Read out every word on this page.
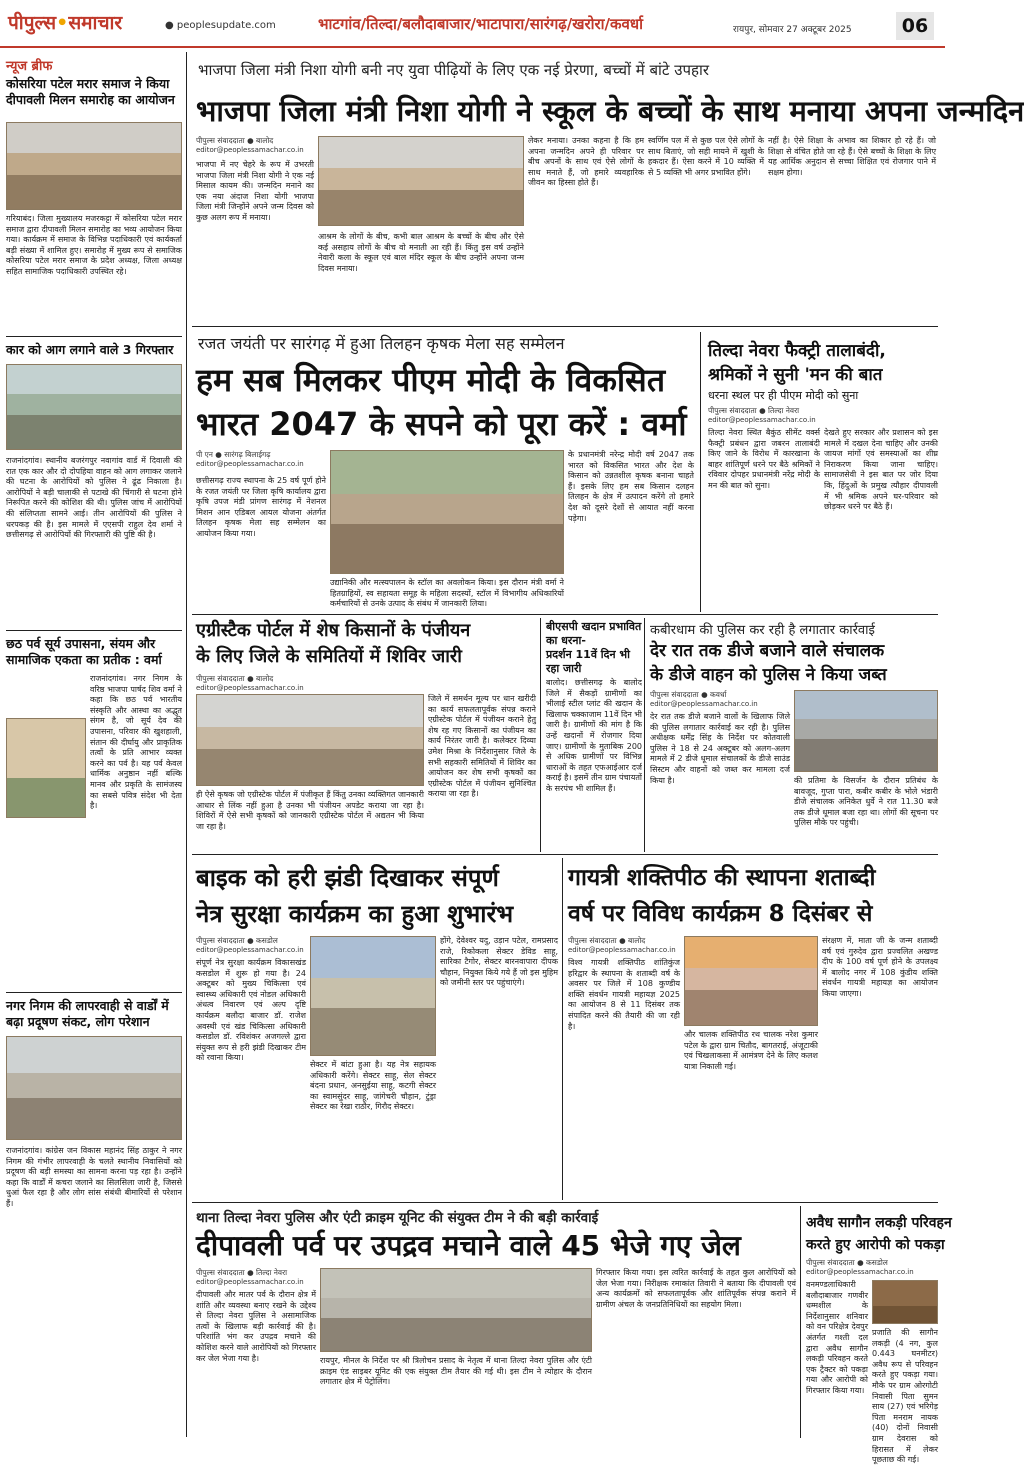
पीपुल्स•समाचार	● peoplesupdate.com	भाटगांव/तिल्दा/बलौदाबाजार/भाटापारा/सारंगढ़/खरोरा/कवर्धा	रायपुर, सोमवार 27 अक्टूबर 2025	06
न्यूज ब्रीफ
कोसरिया पटेल मरार समाज ने किया दीपावली मिलन समारोह का आयोजन
गरियाबंद। जिला मुख्यालय मजरकट्टा में कोसरिया पटेल मरार समाज द्वारा दीपावली मिलन समारोह का भव्य आयोजन किया गया। कार्यक्रम में समाज के विभिन्न पदाधिकारी एवं कार्यकर्ता बड़ी संख्या में शामिल हुए। समारोह में मुख्य रूप से समाजिक कोसरिया पटेल मरार समाज के प्रदेश अध्यक्ष, जिला अध्यक्ष सहित सामाजिक पदाधिकारी उपस्थित रहे।
कार को आग लगाने वाले 3 गिरफ्तार
राजनांदगांव। स्थानीय बजरंगपुर नवागांव वार्ड में दिवाली की रात एक कार और दो दोपहिया वाहन को आग लगाकर जलाने की घटना के आरोपियों को पुलिस ने ढूंढ निकाला है। आरोपियों ने बड़ी चालाकी से पटाखे की चिंगारी से घटना होने निरूपित करने की कोशिश की थी। पुलिस जांच में आरोपियों की संलिप्तता सामने आई। तीन आरोपियों की पुलिस ने धरपकड़ की है। इस मामले में एएसपी राहुल देव शर्मा ने छत्तीसगढ़ से आरोपियों की गिरफ्तारी की पुष्टि की है।
छठ पर्व सूर्य उपासना, संयम और सामाजिक एकता का प्रतीक : वर्मा
राजनांदगांव। नगर निगम के वरिष्ठ भाजपा पार्षद शिव वर्मा ने कहा कि छठ पर्व भारतीय संस्कृति और आस्था का अद्भुत संगम है, जो सूर्य देव की उपासना, परिवार की खुशहाली, संतान की दीर्घायु और प्राकृतिक तत्वों के प्रति आभार व्यक्त करने का पर्व है। यह पर्व केवल धार्मिक अनुष्ठान नहीं बल्कि मानव और प्रकृति के सामंजस्य का सबसे पवित्र संदेश भी देता है।
नगर निगम की लापरवाही से वार्डों में बढ़ा प्रदूषण संकट, लोग परेशान
राजनांदगांव। कांग्रेस जन विकास महानंद सिंह ठाकुर ने नगर निगम की गंभीर लापरवाही के चलते स्थानीय निवासियों को प्रदूषण की बड़ी समस्या का सामना करना पड़ रहा है। उन्होंने कहा कि वार्डों में कचरा जलाने का सिलसिला जारी है, जिससे धुआं फैल रहा है और लोग सांस संबंधी बीमारियों से परेशान हैं।
भाजपा जिला मंत्री निशा योगी बनी नए युवा पीढ़ियों के लिए एक नई प्रेरणा, बच्चों में बांटे उपहार
भाजपा जिला मंत्री निशा योगी ने स्कूल के बच्चों के साथ मनाया अपना जन्मदिन
पीपुल्स संवाददाता ● बालोद
editor@peoplessamachar.co.in
भाजपा में नए चेहरे के रूप में उभरती भाजपा जिला मंत्री निशा योगी ने एक नई मिसाल कायम की। जन्मदिन मनाने का एक नया अंदाज निशा योगी भाजपा जिला मंत्री जिन्होंने अपने जन्म दिवस को कुछ अलग रूप में मनाया।
आश्रम के लोगों के बीच, कभी बाल आश्रम के बच्चों के बीच और ऐसे कई असहाय लोगों के बीच वो मनाती आ रही हैं। किंतु इस वर्ष उन्होंने नेवारी कला के स्कूल एवं बाल मंदिर स्कूल के बीच उन्होंने अपना जन्म दिवस मनाया।
लेकर मनाया। उनका कहना है कि हम अपना जन्मदिन अपने ही परिवार पर बीच अपनों के साथ एवं ऐसे लोगों के साथ मनाते हैं, जो हमारे व्यवहारिक जीवन का हिस्सा होते हैं।
स्वर्णिम पल में से कुछ पल ऐसे लोगों के साथ बिताएं, जो सही मायने में खुशी के हकदार हैं। ऐसा करने में 10 व्यक्ति में से 5 व्यक्ति भी अगर प्रभावित होंगे।
नहीं है। ऐसे शिक्षा के अभाव का शिकार हो रहे हैं। जो शिक्षा से वंचित होते जा रहे हैं। ऐसे बच्चों के शिक्षा के लिए यह आर्थिक अनुदान से सच्चा शिक्षित एवं रोजगार पाने में सक्षम होगा।
रजत जयंती पर सारंगढ़ में हुआ तिलहन कृषक मेला सह सम्मेलन
हम सब मिलकर पीएम मोदी के विकसित
भारत 2047 के सपने को पूरा करें : वर्मा
पी एन ● सारंगढ़ बिलाईगढ़
editor@peoplessamachar.co.in
छत्तीसगढ़ राज्य स्थापना के 25 वर्ष पूर्ण होने के रजत जयंती पर जिला कृषि कार्यालय द्वारा कृषि उपज मंडी प्रांगण सारंगढ़ में नेशनल मिशन आन एडिबल आयल योजना अंतर्गत तिलहन कृषक मेला सह सम्मेलन का आयोजन किया गया।
उद्यानिकी और मत्स्यपालन के स्टॉल का अवलोकन किया। इस दौरान मंत्री वर्मा ने हितग्राहियों, स्व सहायता समूह के महिला सदस्यों, स्टॉल में विभागीय अधिकारियों कर्मचारियों से उनके उत्पाद के संबंध में जानकारी लिया।
के प्रधानमंत्री नरेन्द्र मोदी वर्ष 2047 तक भारत को विकसित भारत और देश के किसान को उन्नतशील कृषक बनाना चाहते हैं। इसके लिए हम सब किसान दलहन तिलहन के क्षेत्र में उत्पादन करेंगे तो हमारे देश को दूसरे देशों से आयात नहीं करना पड़ेगा।
तिल्दा नेवरा फैक्ट्री तालाबंदी,
श्रमिकों ने सुनी 'मन की बात
धरना स्थल पर ही पीएम मोदी को सुना
पीपुल्स संवाददाता ● तिल्दा नेवरा
editor@peoplessamachar.co.in
तिल्दा नेवरा स्थित बैकुंठ सीमेंट वर्क्स फैक्ट्री प्रबंधन द्वारा जबरन तालाबंदी किए जाने के विरोध में कारखाना के बाहर शांतिपूर्ण धरने पर बैठे श्रमिकों ने रविवार दोपहर प्रधानमंत्री नरेंद्र मोदी के मन की बात को सुना।
देखते हुए सरकार और प्रशासन को इस मामले में दखल देना चाहिए और उनकी जायज मांगों एवं समस्याओं का शीघ्र निराकरण किया जाना चाहिए। सामाजसेवी ने इस बात पर जोर दिया कि, हिंदुओं के प्रमुख त्यौहार दीपावली में भी श्रमिक अपने घर-परिवार को छोड़कर धरने पर बैठे हैं।
एग्रीस्टैक पोर्टल में शेष किसानों के पंजीयन
के लिए जिले के समितियों में शिविर जारी
पीपुल्स संवाददाता ● बालोद
editor@peoplessamachar.co.in
जिले में समर्थन मूल्य पर धान खरीदी का कार्य सफलतापूर्वक संपन्न कराने एग्रीस्टेक पोर्टल में पंजीयन कराने हेतु शेष रह गए किसानों का पंजीयन का कार्य निरंतर जारी है। कलेक्टर दिव्या उमेश मिश्रा के निर्देशानुसार जिले के सभी सहकारी समितियों में शिविर का आयोजन कर शेष सभी कृषकों का एग्रीस्टेक पोर्टल में पंजीयन सुनिश्चित कराया जा रहा है।
ही ऐसे कृषक जो एग्रीस्टेक पोर्टल में पंजीकृत हैं किंतु उनका व्यक्तिगत जानकारी आधार से लिंक नहीं हुआ है उनका भी पंजीयन अपडेट कराया जा रहा है। शिविरों में ऐसे सभी कृषकों को जानकारी एग्रीस्टेक पोर्टल में अद्यतन भी किया जा रहा है।
बीएसपी खदान प्रभावित का धरना-
प्रदर्शन 11वें दिन भी रहा जारी
बालोद। छत्तीसगढ़ के बालोद जिले में सैकड़ों ग्रामीणों का भीलाई स्टील प्लांट की खदान के खिलाफ चक्काजाम 11वें दिन भी जारी है। ग्रामीणों की मांग है कि उन्हें खदानों में रोजगार दिया जाए। ग्रामीणों के मुताबिक 200 से अधिक ग्रामीणों पर विभिन्न धाराओं के तहत एफआईआर दर्ज कराई है। इसमें तीन ग्राम पंचायतों के सरपंच भी शामिल हैं।
कबीरधाम की पुलिस कर रही है लगातार कार्रवाई
देर रात तक डीजे बजाने वाले संचालक
के डीजे वाहन को पुलिस ने किया जब्त
पीपुल्स संवाददाता ● कवर्धा
editor@peoplessamachar.co.in
देर रात तक डीजे बजाने वालों के खिलाफ जिले की पुलिस लगातार कार्रवाई कर रही है। पुलिस अधीक्षक धर्मेंद्र सिंह के निर्देश पर कोतवाली पुलिस ने 18 से 24 अक्टूबर को अलग-अलग मामले में 2 डीजे धूमाल संचालकों के डीजे साउंड सिस्टम और वाहनों को जब्त कर मामला दर्ज किया है।	की प्रतिमा के विसर्जन के दौरान प्रतिबंध के बावजूद, गुप्ता पारा, कबीर कबीर के भोले भंडारी डीजे संचालक अनिकेत धुर्वे ने रात 11.30 बजे तक डीजे धूमाल बजा रहा था। लोगों की सूचना पर पुलिस मौके पर पहुंची।
बाइक को हरी झंडी दिखाकर संपूर्ण
नेत्र सुरक्षा कार्यक्रम का हुआ शुभारंभ
पीपुल्स संवाददाता ● कसडोल
editor@peoplessamachar.co.in
संपूर्ण नेत्र सुरक्षा कार्यक्रम विकासखंड कसडोल में शुरू हो गया है। 24 अक्टूबर को मुख्य चिकित्सा एवं स्वास्थ्य अधिकारी एवं नोडल अधिकारी अंधत्व निवारण एवं अल्प दृष्टि कार्यक्रम बलौदा बाजार डॉ. राजेश अवस्थी एवं खंड चिकित्सा अधिकारी कसडोल डॉ. रविशंकर अजगल्ले द्वारा संयुक्त रूप से हरी झंडी दिखाकर टीम को रवाना किया।
सेक्टर में बांटा हुआ है। यह नेत्र सहायक अधिकारी करेंगे। सेक्टर साहू, सेल सेक्टर बंदना प्रधान, अनसुईया साहू, कटगी सेक्टर का स्वामसुंदर साहू, जांगेचरी चौहान, टुंड्रा सेक्टर का रेखा राठौर, गिरौद सेक्टर।
होंगे, देवेश्वर यदु, उड़ान पटेल, रामप्रसाद राजे, रिकोकला सेक्टर डेविड साहू, सारिका टैगोर, सेक्टर बारनवापारा दीपक चौहान, नियुक्त किये गये हैं जो इस मुहिम को जमीनी स्तर पर पहुंचाएंगे।
गायत्री शक्तिपीठ की स्थापना शताब्दी
वर्ष पर विविध कार्यक्रम 8 दिसंबर से
पीपुल्स संवाददाता ● बालोद
editor@peoplessamachar.co.in
विश्व गायत्री शक्तिपीठ शांतिकुंज हरिद्वार के स्थापना के शताब्दी वर्ष के अवसर पर जिले में 108 कुण्डीय शक्ति संवर्धन गायत्री महायज्ञ 2025 का आयोजन 8 से 11 दिसंबर तक संपादित करने की तैयारी की जा रही है।
और चालक शक्तिपीठ रथ चालक नरेश कुमार पटेल के द्वारा ग्राम चितौद, बागतराई, अंजूटाकी एवं चिखलाकसा में आमंत्रण देने के लिए कलश यात्रा निकाली गई।
संरक्षण में, माता जी के जन्म शताब्दी वर्ष एवं गुरुदेव द्वारा प्रज्वलित अखण्ड दीप के 100 वर्ष पूर्ण होने के उपलक्ष्य में बालोद नगर में 108 कुंडीय शक्ति संवर्धन गायत्री महायज्ञ का आयोजन किया जाएगा।
थाना तिल्दा नेवरा पुलिस और एंटी क्राइम यूनिट की संयुक्त टीम ने की बड़ी कार्रवाई
दीपावली पर्व पर उपद्रव मचाने वाले 45 भेजे गए जेल
पीपुल्स संवाददाता ● तिल्दा नेवरा
editor@peoplessamachar.co.in
दीपावली और मातर पर्व के दौरान क्षेत्र में शांति और व्यवस्था बनाए रखने के उद्देश्य से तिल्दा नेवरा पुलिस ने असामाजिक तत्वों के खिलाफ बड़ी कार्रवाई की है। परिशांति भंग कर उपद्रव मचाने की कोशिश करने वाले आरोपियों को गिरफ्तार कर जेल भेजा गया है।	रायपुर, मीनल के निर्देश पर श्री त्रिलोचन प्रसाद के नेतृत्व में थाना तिल्दा नेवरा पुलिस और एंटी क्राइम एंड साइबर यूनिट की एक संयुक्त टीम तैयार की गई थी। इस टीम ने त्योहार के दौरान लगातार क्षेत्र में पेट्रोलिंग।
गिरफ्तार किया गया। इस त्वरित कार्रवाई के तहत कुल आरोपियों को जेल भेजा गया। निरीक्षक रमाकांत तिवारी ने बताया कि दीपावली एवं अन्य कार्यक्रमों को सफलतापूर्वक और शांतिपूर्वक संपन्न कराने में ग्रामीण अंचल के जनप्रतिनिधियों का सहयोग मिला।
अवैध सागौन लकड़ी परिवहन
करते हुए आरोपी को पकड़ा
पीपुल्स संवाददाता ● कसडोल
editor@peoplessamachar.co.in
वनमण्डलाधिकारी बलौदाबाजार गणवीर धम्मशील के निर्देशानुसार शनिवार को वन परिक्षेत्र देवपुर अंतर्गत गश्ती दल द्वारा अवैध सागौन लकड़ी परिवहन करते एक ट्रैक्टर को पकड़ा गया और आरोपी को गिरफ्तार किया गया।
प्रजाति की सागौन लकड़ी (4 नग, कुल 0.443 घनमीटर) अवैध रूप से परिवहन करते हुए पकड़ा गया। मौके पर ग्राम ओरगोटी निवासी पिता सुमन साय (27) एवं भरिगेड़ पिता मनराम नायक (40) दोनों निवासी ग्राम देवरास को हिरासत में लेकर पूछताछ की गई।
